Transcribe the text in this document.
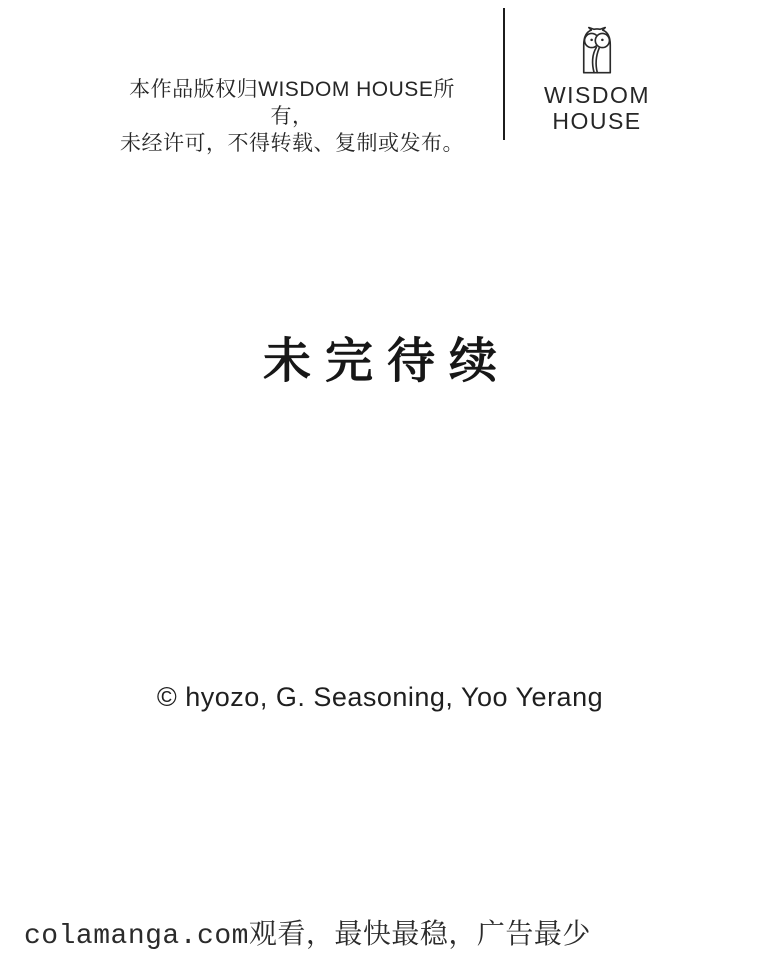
本作品版权归WISDOM HOUSE所有，
未经许可，不得转载、复制或发布。
WISDOM
HOUSE
未完待续
© hyozo, G. Seasoning, Yoo Yerang
colamanga.com观看，最快最稳，广告最少
